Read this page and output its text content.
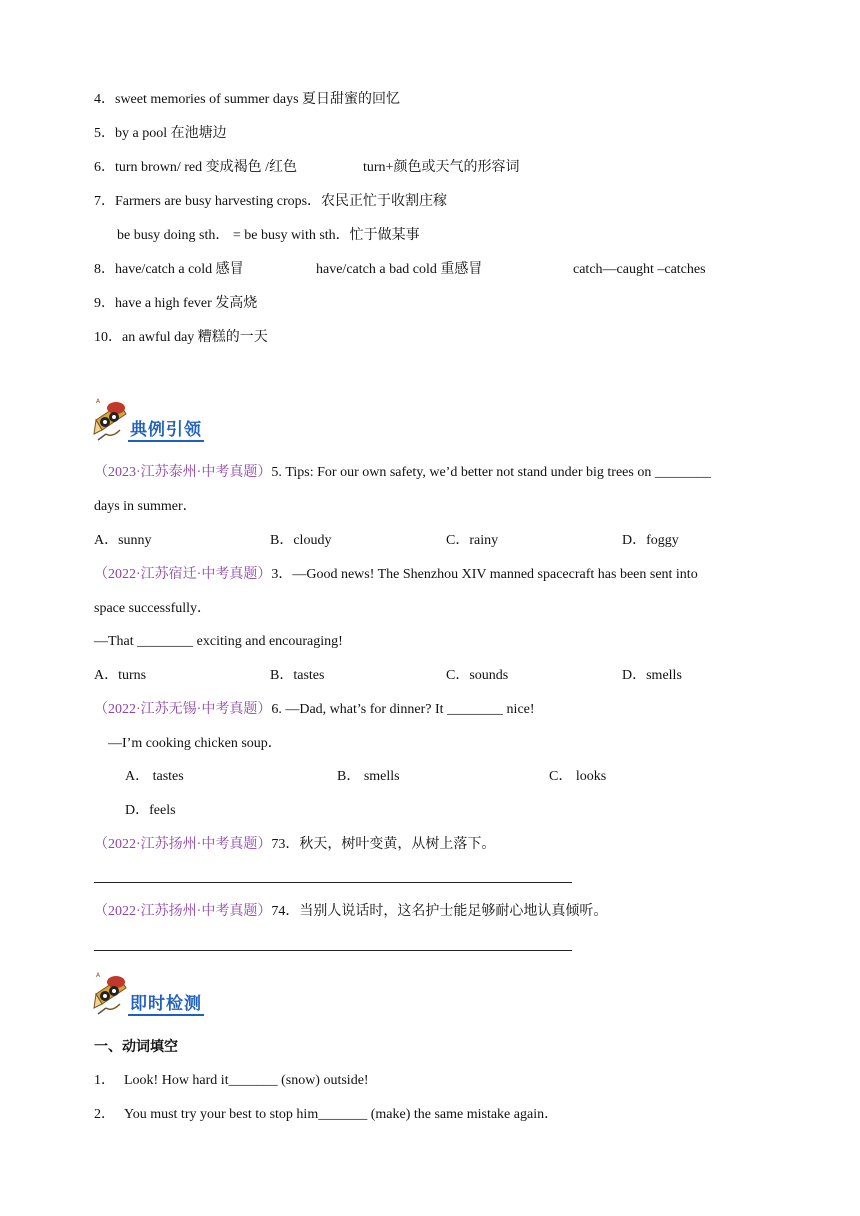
4．sweet memories of summer days 夏日甜蜜的回忆
5．by a pool 在池塘边
6．turn brown/ red 变成褐色 /红色	turn+颜色或天气的形容词
7．Farmers are busy harvesting crops．农民正忙于收割庄稼
be busy doing sth． = be busy with sth．忙于做某事
8．have/catch a cold 感冒	have/catch a bad cold 重感冒	catch—caught –catches
9．have a high fever 发高烧
10．an awful day 糟糕的一天
A
典例引领
（2023·江苏泰州·中考真题）5. Tips: For our own safety, we’d better not stand under big trees on ________
days in summer．
A．sunny	B．cloudy	C．rainy	D．foggy
（2022·江苏宿迁·中考真题）3．—Good news! The Shenzhou XIV manned spacecraft has been sent into
space successfully．
—That ________ exciting and encouraging!
A．turns	B．tastes	C．sounds	D．smells
（2022·江苏无锡·中考真题）6. —Dad, what’s for dinner? It ________ nice!
—I’m cooking chicken soup．
A． tastes	B． smells	C． looks
D．feels
（2022·江苏扬州·中考真题）73．秋天，树叶变黄，从树上落下。
（2022·江苏扬州·中考真题）74．当别人说话时，这名护士能足够耐心地认真倾听。
A
即时检测
一、动词填空
1． Look! How hard it_______ (snow) outside!
2． You must try your best to stop him_______ (make) the same mistake again．
